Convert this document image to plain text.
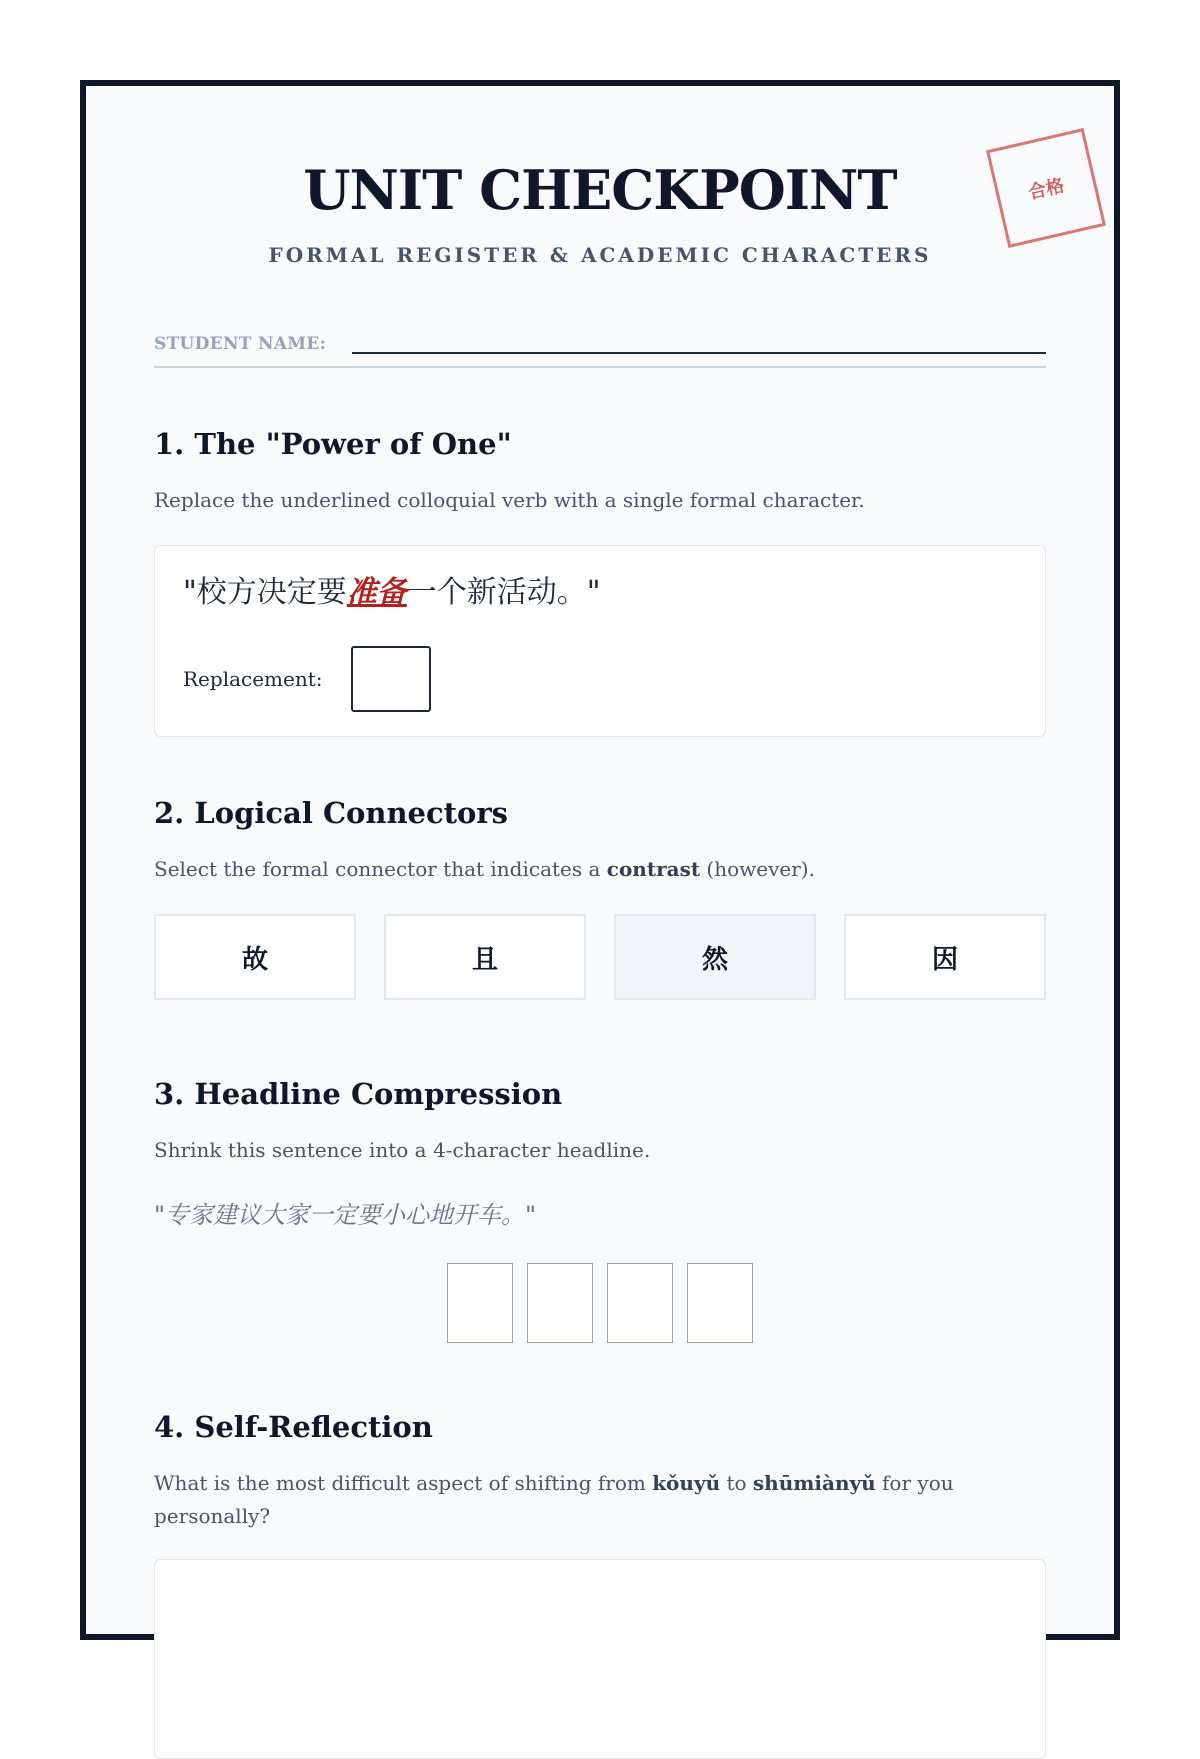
UNIT CHECKPOINT
FORMAL REGISTER & ACADEMIC CHARACTERS
合格
STUDENT NAME:
1. The "Power of One"

Replace the underlined colloquial verb with a single formal character.

"校方决定要准备一个新活动。"
Replacement:
2. Logical Connectors

Select the formal connector that indicates a contrast (however).

故	且	然	因
3. Headline Compression

Shrink this sentence into a 4-character headline.

"专家建议大家一定要小心地开车。"

4. Self-Reflection

What is the most difficult aspect of shifting from kǒuyǔ to shūmiànyǔ for you personally?
